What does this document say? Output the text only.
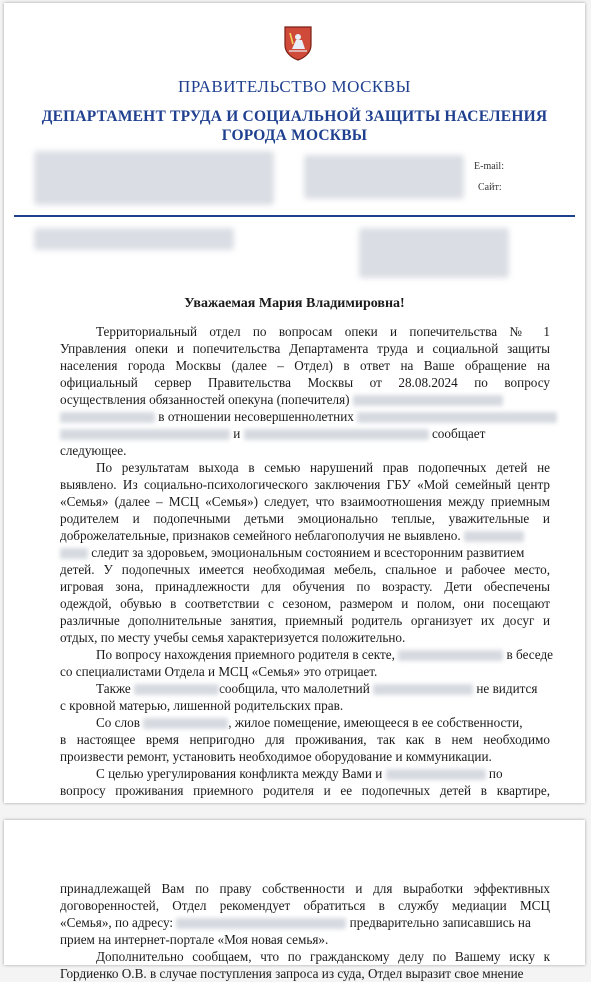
ПРАВИТЕЛЬСТВО МОСКВЫ
ДЕПАРТАМЕНТ ТРУДА И СОЦИАЛЬНОЙ ЗАЩИТЫ НАСЕЛЕНИЯ
ГОРОДА МОСКВЫ
E-mail:
Сайт:
Уважаемая Мария Владимировна!
Территориальный отдел по вопросам опеки и попечительства № 1
Управления опеки и попечительства Департамента труда и социальной защиты
населения города Москвы (далее – Отдел) в ответ на Ваше обращение на
официальный сервер Правительства Москвы от 28.08.2024 по вопросу
осуществления обязанностей опекуна (попечителя)
в отношении несовершеннолетних
и	сообщает
следующее.
По результатам выхода в семью нарушений прав подопечных детей не
выявлено. Из социально-психологического заключения ГБУ «Мой семейный центр
«Семья» (далее – МСЦ «Семья») следует, что взаимоотношения между приемным
родителем и подопечными детьми эмоционально теплые, уважительные и
доброжелательные, признаков семейного неблагополучия не выявлено.
следит за здоровьем, эмоциональным состоянием и всесторонним развитием
детей. У подопечных имеется необходимая мебель, спальное и рабочее место,
игровая зона, принадлежности для обучения по возрасту. Дети обеспечены
одеждой, обувью в соответствии с сезоном, размером и полом, они посещают
различные дополнительные занятия, приемный родитель организует их досуг и
отдых, по месту учебы семья характеризуется положительно.
По вопросу нахождения приемного родителя в секте,	в беседе
со специалистами Отдела и МСЦ «Семья» это отрицает.
Также	сообщила, что малолетний	не видится
с кровной матерью, лишенной родительских прав.
Со слов	, жилое помещение, имеющееся в ее собственности,
в настоящее время непригодно для проживания, так как в нем необходимо
произвести ремонт, установить необходимое оборудование и коммуникации.
С целью урегулирования конфликта между Вами и	по
вопросу проживания приемного родителя и ее подопечных детей в квартире,
принадлежащей Вам по праву собственности и для выработки эффективных
договоренностей, Отдел рекомендует обратиться в службу медиации МСЦ
«Семья», по адресу:	предварительно записавшись на
прием на интернет-портале «Моя новая семья».
Дополнительно сообщаем, что по гражданскому делу по Вашему иску к
Гордиенко О.В. в случае поступления запроса из суда, Отдел выразит свое мнение
